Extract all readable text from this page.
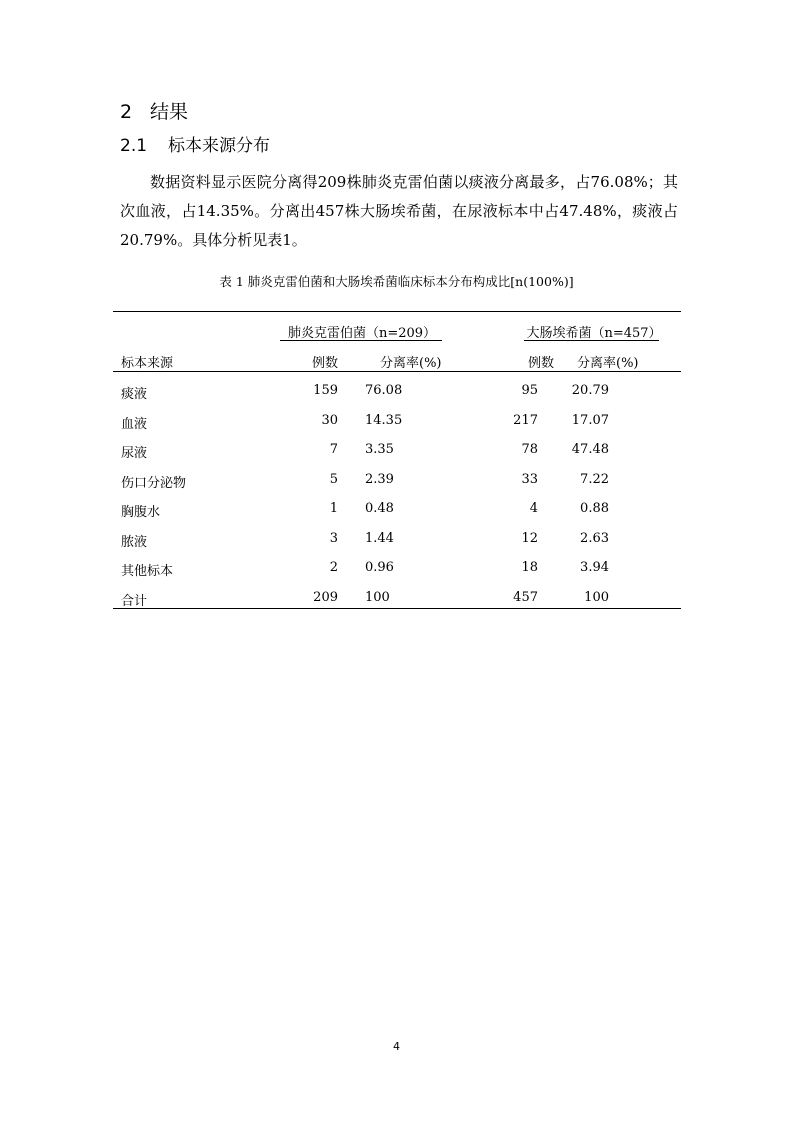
2 结果
2.1 标本来源分布

数据资料显示医院分离得209株肺炎克雷伯菌以痰液分离最多，占76.08%；其次血液，占14.35%。分离出457株大肠埃希菌，在尿液标本中占47.48%，痰液占20.79%。具体分析见表1。

表 1 肺炎克雷伯菌和大肠埃希菌临床标本分布构成比[n(100%)]
肺炎克雷伯菌（n=209）	大肠埃希菌（n=457）
标本来源	例数	分离率(%)	例数 分离率(%)
痰液	159 76.08	95	20.79
血液	30 14.35	217	17.07
尿液	7 3.35	78	47.48
伤口分泌物	5 2.39	33	7.22
胸腹水	1 0.48	4	0.88
脓液	3 1.44	12	2.63
其他标本	2 0.96	18	3.94
合计	209 100	457	100
4
